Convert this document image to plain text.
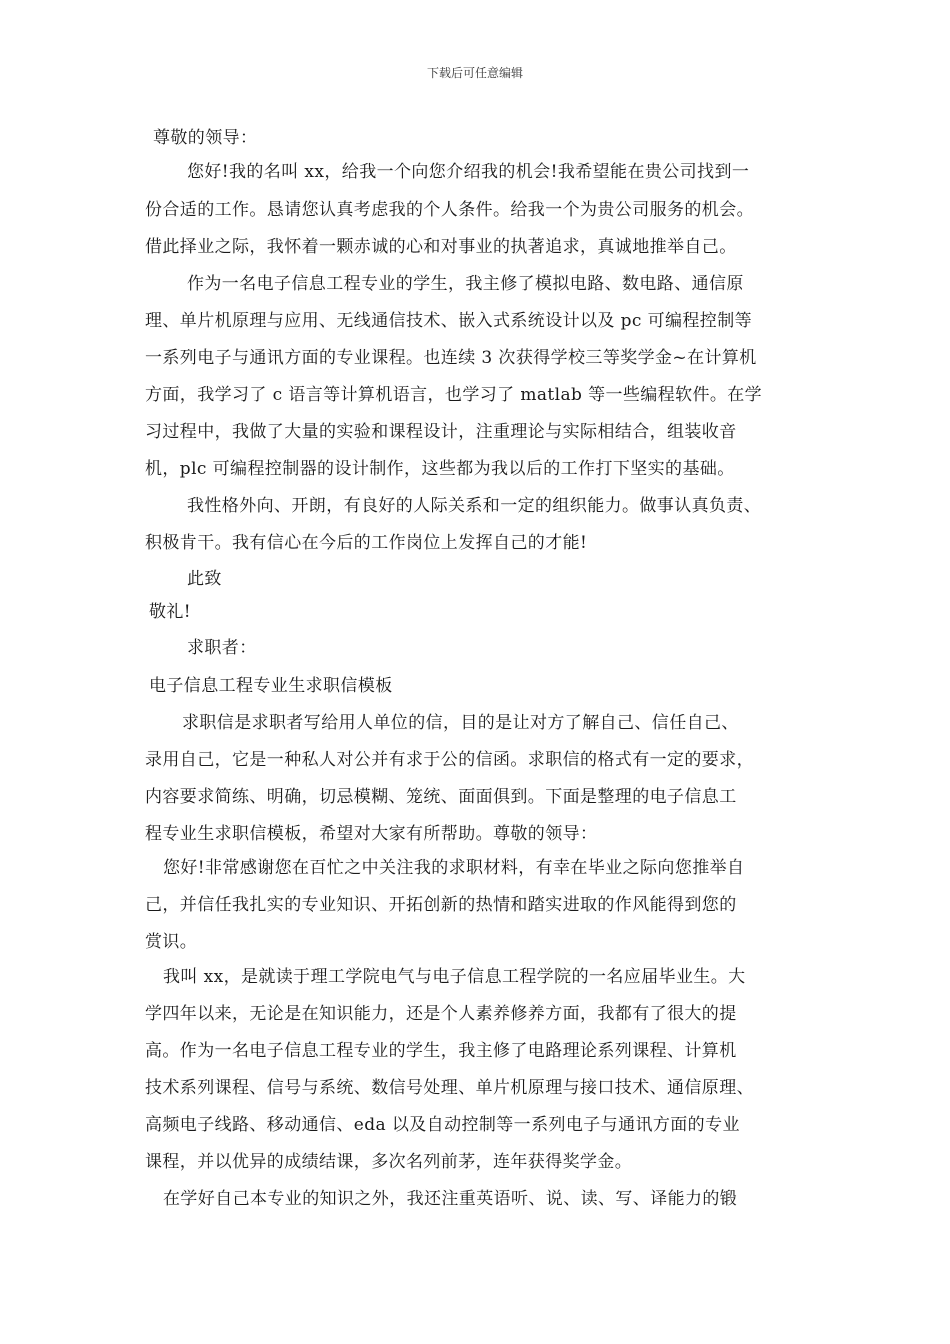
下载后可任意编辑
尊敬的领导：
您好!我的名叫 xx，给我一个向您介绍我的机会!我希望能在贵公司找到一
份合适的工作。恳请您认真考虑我的个人条件。给我一个为贵公司服务的机会。
借此择业之际，我怀着一颗赤诚的心和对事业的执著追求，真诚地推举自己。
作为一名电子信息工程专业的学生，我主修了模拟电路、数电路、通信原
理、单片机原理与应用、无线通信技术、嵌入式系统设计以及 pc 可编程控制等
一系列电子与通讯方面的专业课程。也连续 3 次获得学校三等奖学金~在计算机
方面，我学习了 c 语言等计算机语言，也学习了 matlab 等一些编程软件。在学
习过程中，我做了大量的实验和课程设计，注重理论与实际相结合，组装收音
机，plc 可编程控制器的设计制作，这些都为我以后的工作打下坚实的基础。
我性格外向、开朗，有良好的人际关系和一定的组织能力。做事认真负责、
积极肯干。我有信心在今后的工作岗位上发挥自己的才能!
此致
敬礼!
求职者：
电子信息工程专业生求职信模板
求职信是求职者写给用人单位的信，目的是让对方了解自己、信任自己、
录用自己，它是一种私人对公并有求于公的信函。求职信的格式有一定的要求，
内容要求简练、明确，切忌模糊、笼统、面面俱到。下面是整理的电子信息工
程专业生求职信模板，希望对大家有所帮助。尊敬的领导：
您好!非常感谢您在百忙之中关注我的求职材料，有幸在毕业之际向您推举自
己，并信任我扎实的专业知识、开拓创新的热情和踏实进取的作风能得到您的
赏识。
我叫 xx，是就读于理工学院电气与电子信息工程学院的一名应届毕业生。大
学四年以来，无论是在知识能力，还是个人素养修养方面，我都有了很大的提
高。作为一名电子信息工程专业的学生，我主修了电路理论系列课程、计算机
技术系列课程、信号与系统、数信号处理、单片机原理与接口技术、通信原理、
高频电子线路、移动通信、eda 以及自动控制等一系列电子与通讯方面的专业
课程，并以优异的成绩结课，多次名列前茅，连年获得奖学金。
在学好自己本专业的知识之外，我还注重英语听、说、读、写、译能力的锻
